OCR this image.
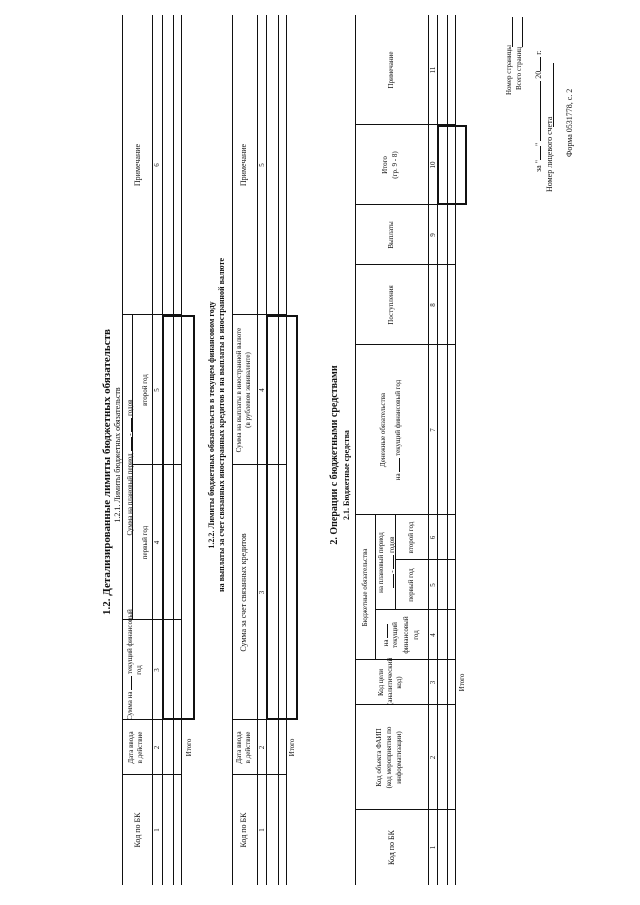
Форма 0531778, с. 2
Номер лицевого счета
за ""  20 г.
1.2. Детализированные лимиты бюджетных обязательств 1.2.1. Лимиты бюджетных обязательств
Код по БК
Дата ввода в действие
Сумма на  текущий финансовый год
Сумма на плановый период  -  годов
первый год
второй год
Примечание
1
2
3
4
5
6
Итого
1.2.2. Лимиты бюджетных обязательств в текущем финансовом году на выплаты за счет связанных иностранных кредитов и на выплаты в иностранной валюте
Код по БК
Дата ввода в действие
Сумма за счет связанных кредитов
Сумма на выплаты в иностранной валюте (в рублевом эквиваленте)
Примечание
1
2
3
4
5
Итого
2. Операции с бюджетными средствами 2.1. Бюджетные средства
Код по БК
Код объекта ФАИП (код мероприятия по информатизации)
Код цели (аналитический код)
Бюджетные обязательства
на текущий финансовый год
на плановый период -  годов
первый год
второй год
Денежные обязательства
на  текущий финансовый год
Поступления
Выплаты
Итого (гр. 9 - 8)
Примечание
1
2
3
4
5
6
7
8
9
10
11
Итого
Номер страницы Всего страниц
